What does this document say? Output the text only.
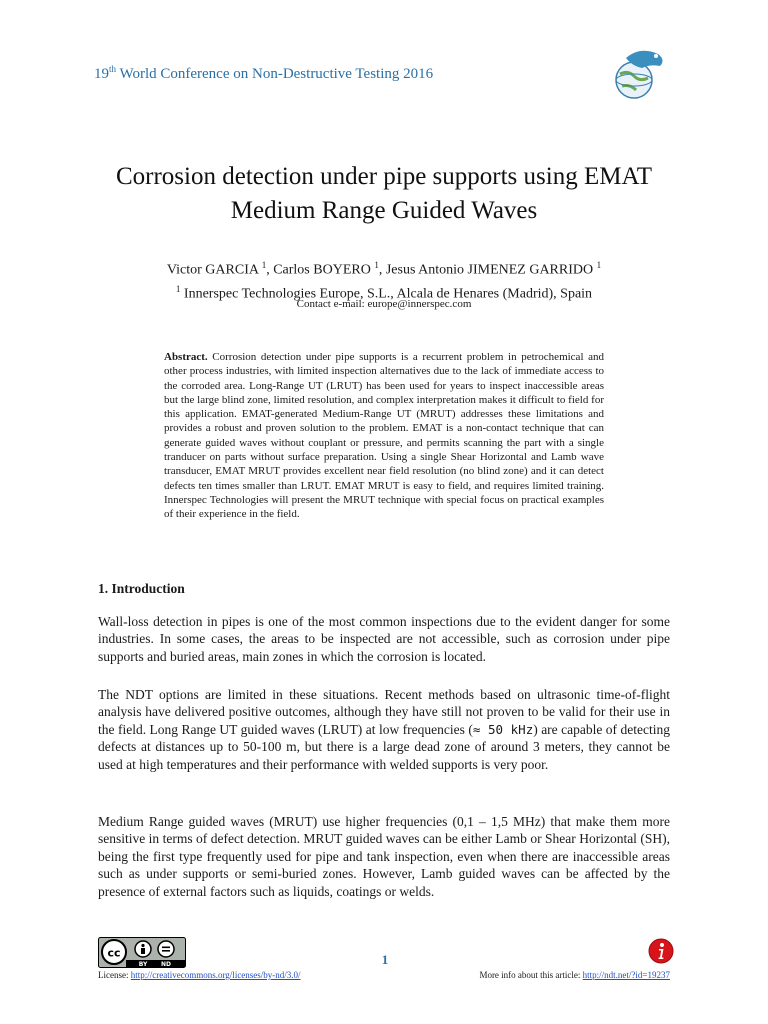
19th World Conference on Non-Destructive Testing 2016
Corrosion detection under pipe supports using EMAT
Medium Range Guided Waves
Victor GARCIA $^1$, Carlos BOYERO $^1$, Jesus Antonio JIMENEZ GARRIDO $^1$
$^1$ Innerspec Technologies Europe, S.L., Alcala de Henares (Madrid), Spain
Contact e-mail: europe@innerspec.com

Abstract. Corrosion detection under pipe supports is a recurrent problem in petrochemical and other process industries, with limited inspection alternatives due to the lack of immediate access to the corroded area. Long-Range UT (LRUT) has been used for years to inspect inaccessible areas but the large blind zone, limited resolution, and complex interpretation makes it difficult to field for this application. EMAT-generated Medium-Range UT (MRUT) addresses these limitations and provides a robust and proven solution to the problem. EMAT is a non-contact technique that can generate guided waves without couplant or pressure, and permits scanning the part with a single tranducer on parts without surface preparation. Using a single Shear Horizontal and Lamb wave transducer, EMAT MRUT provides excellent near field resolution (no blind zone) and it can detect defects ten times smaller than LRUT. EMAT MRUT is easy to field, and requires limited training. Innerspec Technologies will present the MRUT technique with special focus on practical examples of their experience in the field.

1. Introduction

Wall-loss detection in pipes is one of the most common inspections due to the evident danger for some industries. In some cases, the areas to be inspected are not accessible, such as corrosion under pipe supports and buried areas, main zones in which the corrosion is located.

The NDT options are limited in these situations. Recent methods based on ultrasonic time-of-flight analysis have delivered positive outcomes, although they have still not proven to be valid for their use in the field. Long Range UT guided waves (LRUT) at low frequencies (≈ 50 kHz) are capable of detecting defects at distances up to 50-100 m, but there is a large dead zone of around 3 meters, they cannot be used at high temperatures and their performance with welded supports is very poor.

Medium Range guided waves (MRUT) use higher frequencies (0,1 – 1,5 MHz) that make them more sensitive in terms of defect detection. MRUT guided waves can be either Lamb or Shear Horizontal (SH), being the first type frequently used for pipe and tank inspection, even when there are inaccessible areas such as under supports or semi-buried zones. However, Lamb guided waves can be affected by the presence of external factors such as liquids, coatings or welds.

cc
BY ND	1
License: http://creativecommons.org/licenses/by-nd/3.0/	More info about this article: http://ndt.net/?id=19237
